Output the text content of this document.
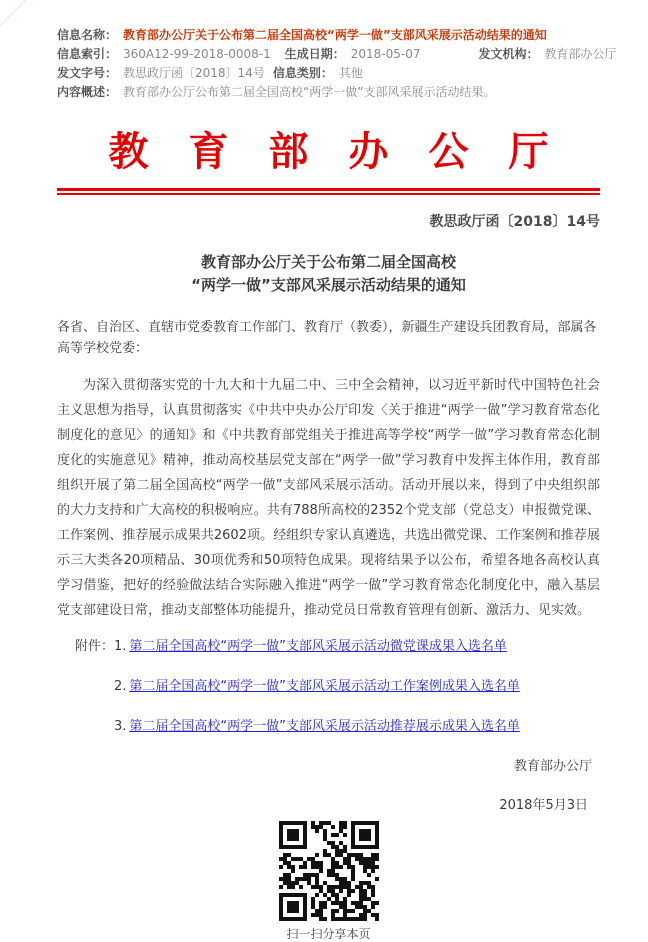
信息名称： 教育部办公厅关于公布第二届全国高校“两学一做”支部风采展示活动结果的通知
信息索引： 360A12-99-2018-0008-1 生成日期： 2018-05-07	发文机构： 教育部办公厅
发文字号： 教思政厅函〔2018〕14号 信息类别： 其他
内容概述： 教育部办公厅公布第二届全国高校“两学一做”支部风采展示活动结果。
教育部办公厅
教思政厅函〔2018〕14号
教育部办公厅关于公布第二届全国高校
“两学一做”支部风采展示活动结果的通知

各省、自治区、直辖市党委教育工作部门、教育厅（教委），新疆生产建设兵团教育局，部属各高等学校党委：

为深入贯彻落实党的十九大和十九届二中、三中全会精神，以习近平新时代中国特色社会主义思想为指导，认真贯彻落实《中共中央办公厅印发〈关于推进“两学一做”学习教育常态化制度化的意见〉的通知》和《中共教育部党组关于推进高等学校“两学一做”学习教育常态化制度化的实施意见》精神，推动高校基层党支部在“两学一做”学习教育中发挥主体作用，教育部组织开展了第二届全国高校“两学一做”支部风采展示活动。活动开展以来，得到了中央组织部的大力支持和广大高校的积极响应。共有788所高校的2352个党支部（党总支）申报微党课、工作案例、推荐展示成果共2602项。经组织专家认真遴选，共选出微党课、工作案例和推荐展示三大类各20项精品、30项优秀和50项特色成果。现将结果予以公布，希望各地各高校认真学习借鉴，把好的经验做法结合实际融入推进“两学一做”学习教育常态化制度化中，融入基层党支部建设日常，推动支部整体功能提升，推动党员日常教育管理有创新、激活力、见实效。

附件： 1. 第二届全国高校“两学一做”支部风采展示活动微党课成果入选名单
2. 第二届全国高校“两学一做”支部风采展示活动工作案例成果入选名单
3. 第二届全国高校“两学一做”支部风采展示活动推荐展示成果入选名单
教育部办公厅
2018年5月3日
扫一扫分享本页
